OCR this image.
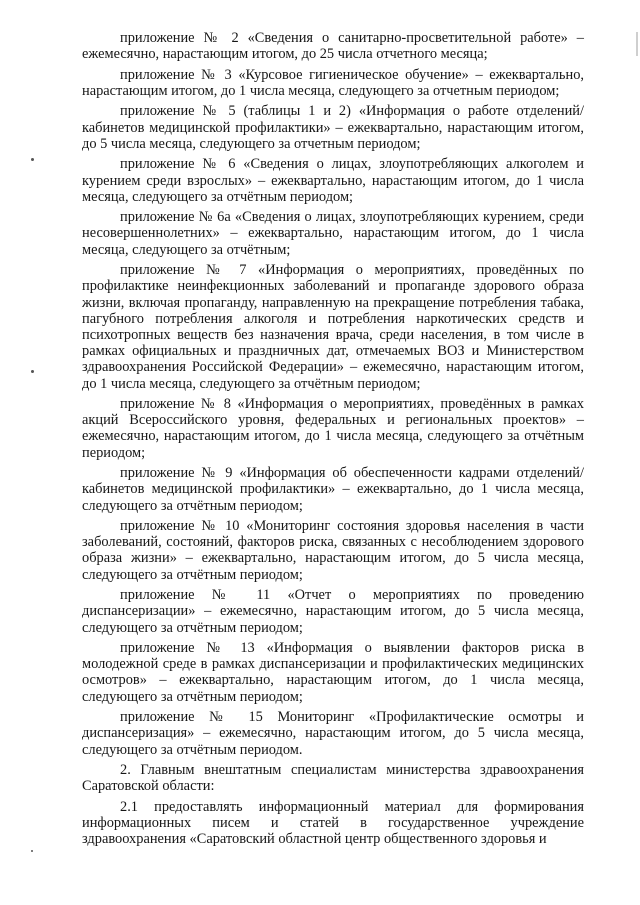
приложение № 2 «Сведения о санитарно-просветительной работе» – ежемесячно, нарастающим итогом, до 25 числа отчетного месяца;

приложение № 3 «Курсовое гигиеническое обучение» – ежеквартально, нарастающим итогом, до 1 числа месяца, следующего за отчетным периодом;

приложение № 5 (таблицы 1 и 2) «Информация о работе отделений/кабинетов медицинской профилактики» – ежеквартально, нарастающим итогом, до 5 числа месяца, следующего за отчетным периодом;

приложение № 6 «Сведения о лицах, злоупотребляющих алкоголем и курением среди взрослых» – ежеквартально, нарастающим итогом, до 1 числа месяца, следующего за отчётным периодом;

приложение № 6а «Сведения о лицах, злоупотребляющих курением, среди несовершеннолетних» – ежеквартально, нарастающим итогом, до 1 числа месяца, следующего за отчётным;

приложение № 7 «Информация о мероприятиях, проведённых по профилактике неинфекционных заболеваний и пропаганде здорового образа жизни, включая пропаганду, направленную на прекращение потребления табака, пагубного потребления алкоголя и потребления наркотических средств и психотропных веществ без назначения врача, среди населения, в том числе в рамках официальных и праздничных дат, отмечаемых ВОЗ и Министерством здравоохранения Российской Федерации» – ежемесячно, нарастающим итогом, до 1 числа месяца, следующего за отчётным периодом;

приложение № 8 «Информация о мероприятиях, проведённых в рамках акций Всероссийского уровня, федеральных и региональных проектов» – ежемесячно, нарастающим итогом, до 1 числа месяца, следующего за отчётным периодом;

приложение № 9 «Информация об обеспеченности кадрами отделений/кабинетов медицинской профилактики» – ежеквартально, до 1 числа месяца, следующего за отчётным периодом;

приложение № 10 «Мониторинг состояния здоровья населения в части заболеваний, состояний, факторов риска, связанных с несоблюдением здорового образа жизни» – ежеквартально, нарастающим итогом, до 5 числа месяца, следующего за отчётным периодом;

приложение № 11 «Отчет о мероприятиях по проведению диспансеризации» – ежемесячно, нарастающим итогом, до 5 числа месяца, следующего за отчётным периодом;

приложение № 13 «Информация о выявлении факторов риска в молодежной среде в рамках диспансеризации и профилактических медицинских осмотров» – ежеквартально, нарастающим итогом, до 1 числа месяца, следующего за отчётным периодом;

приложение № 15 Мониторинг «Профилактические осмотры и диспансеризация» – ежемесячно, нарастающим итогом, до 5 числа месяца, следующего за отчётным периодом.

2. Главным внештатным специалистам министерства здравоохранения Саратовской области:

2.1 предоставлять информационный материал для формирования информационных писем и статей в государственное учреждение здравоохранения «Саратовский областной центр общественного здоровья и
